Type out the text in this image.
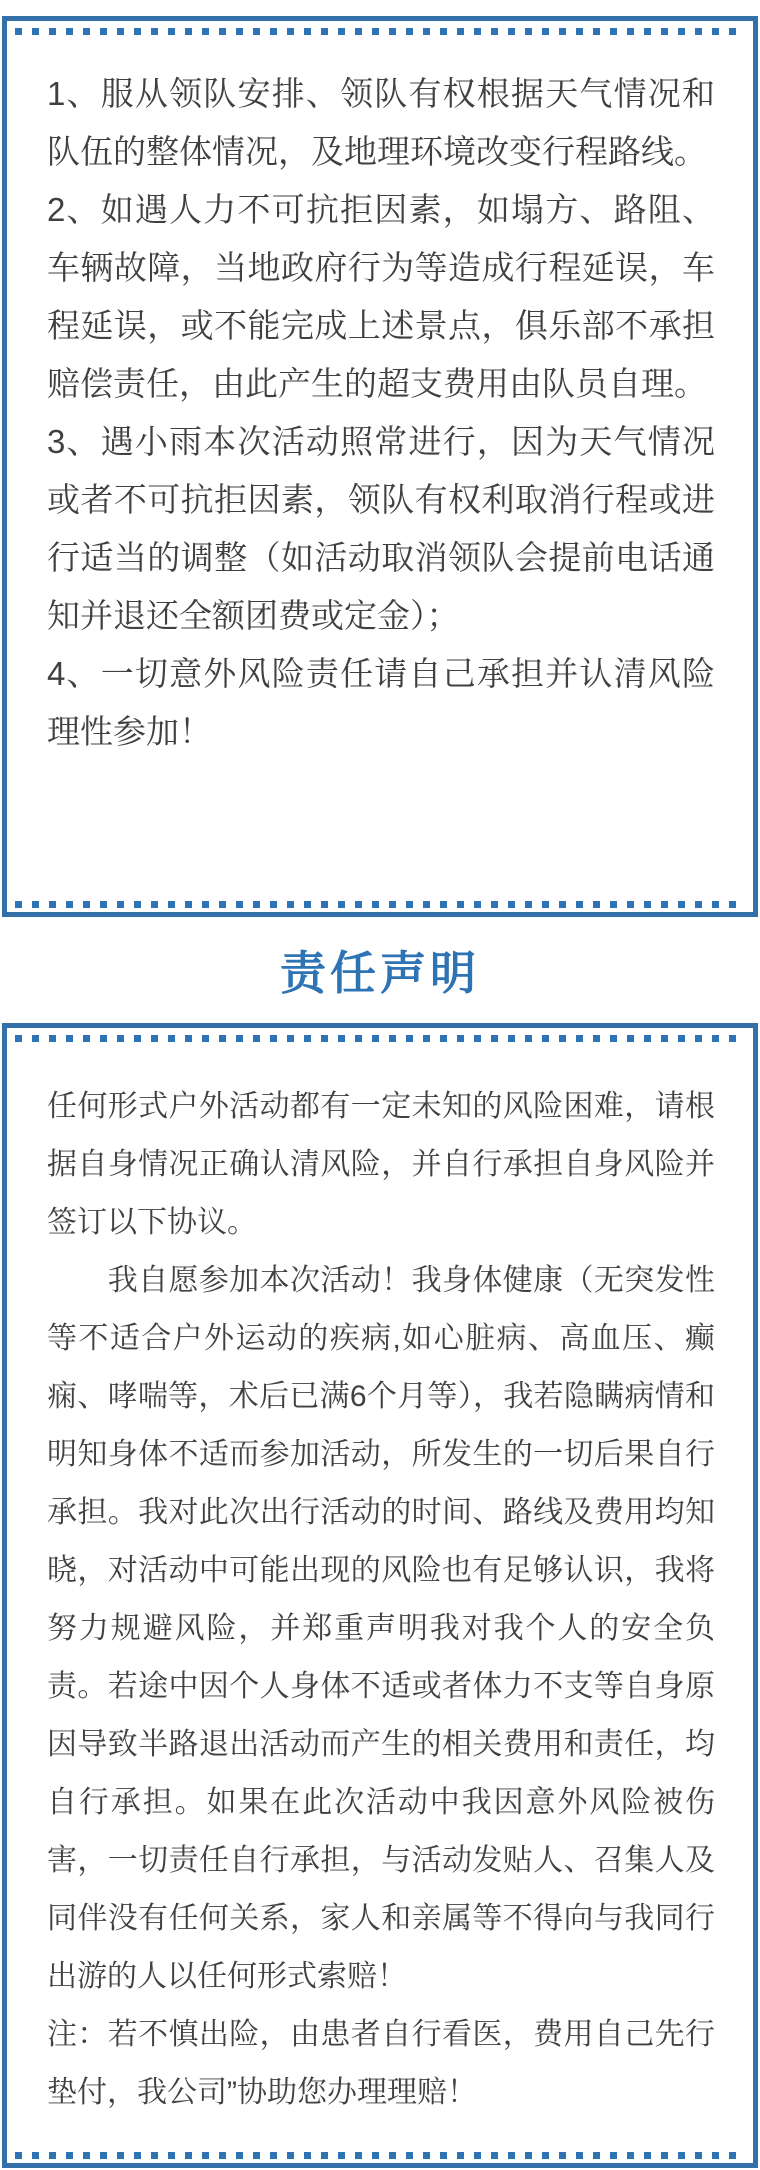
1、服从领队安排、领队有权根据天气情况和队伍的整体情况，及地理环境改变行程路线。

2、如遇人力不可抗拒因素，如塌方、路阻、车辆故障，当地政府行为等造成行程延误，车程延误，或不能完成上述景点，俱乐部不承担赔偿责任，由此产生的超支费用由队员自理。

3、遇小雨本次活动照常进行，因为天气情况或者不可抗拒因素，领队有权利取消行程或进行适当的调整（如活动取消领队会提前电话通知并退还全额团费或定金）；

4、一切意外风险责任请自己承担并认清风险理性参加！

责任声明

任何形式户外活动都有一定未知的风险困难，请根据自身情况正确认清风险，并自行承担自身风险并签订以下协议。

　　我自愿参加本次活动！我身体健康（无突发性等不适合户外运动的疾病,如心脏病、高血压、癫痫、哮喘等，术后已满6个月等），我若隐瞒病情和明知身体不适而参加活动，所发生的一切后果自行承担。我对此次出行活动的时间、路线及费用均知晓，对活动中可能出现的风险也有足够认识，我将努力规避风险，并郑重声明我对我个人的安全负责。若途中因个人身体不适或者体力不支等自身原因导致半路退出活动而产生的相关费用和责任，均自行承担。如果在此次活动中我因意外风险被伤害，一切责任自行承担，与活动发贴人、召集人及同伴没有任何关系，家人和亲属等不得向与我同行出游的人以任何形式索赔！

注：若不慎出险，由患者自行看医，费用自己先行垫付，我公司”协助您办理理赔！
